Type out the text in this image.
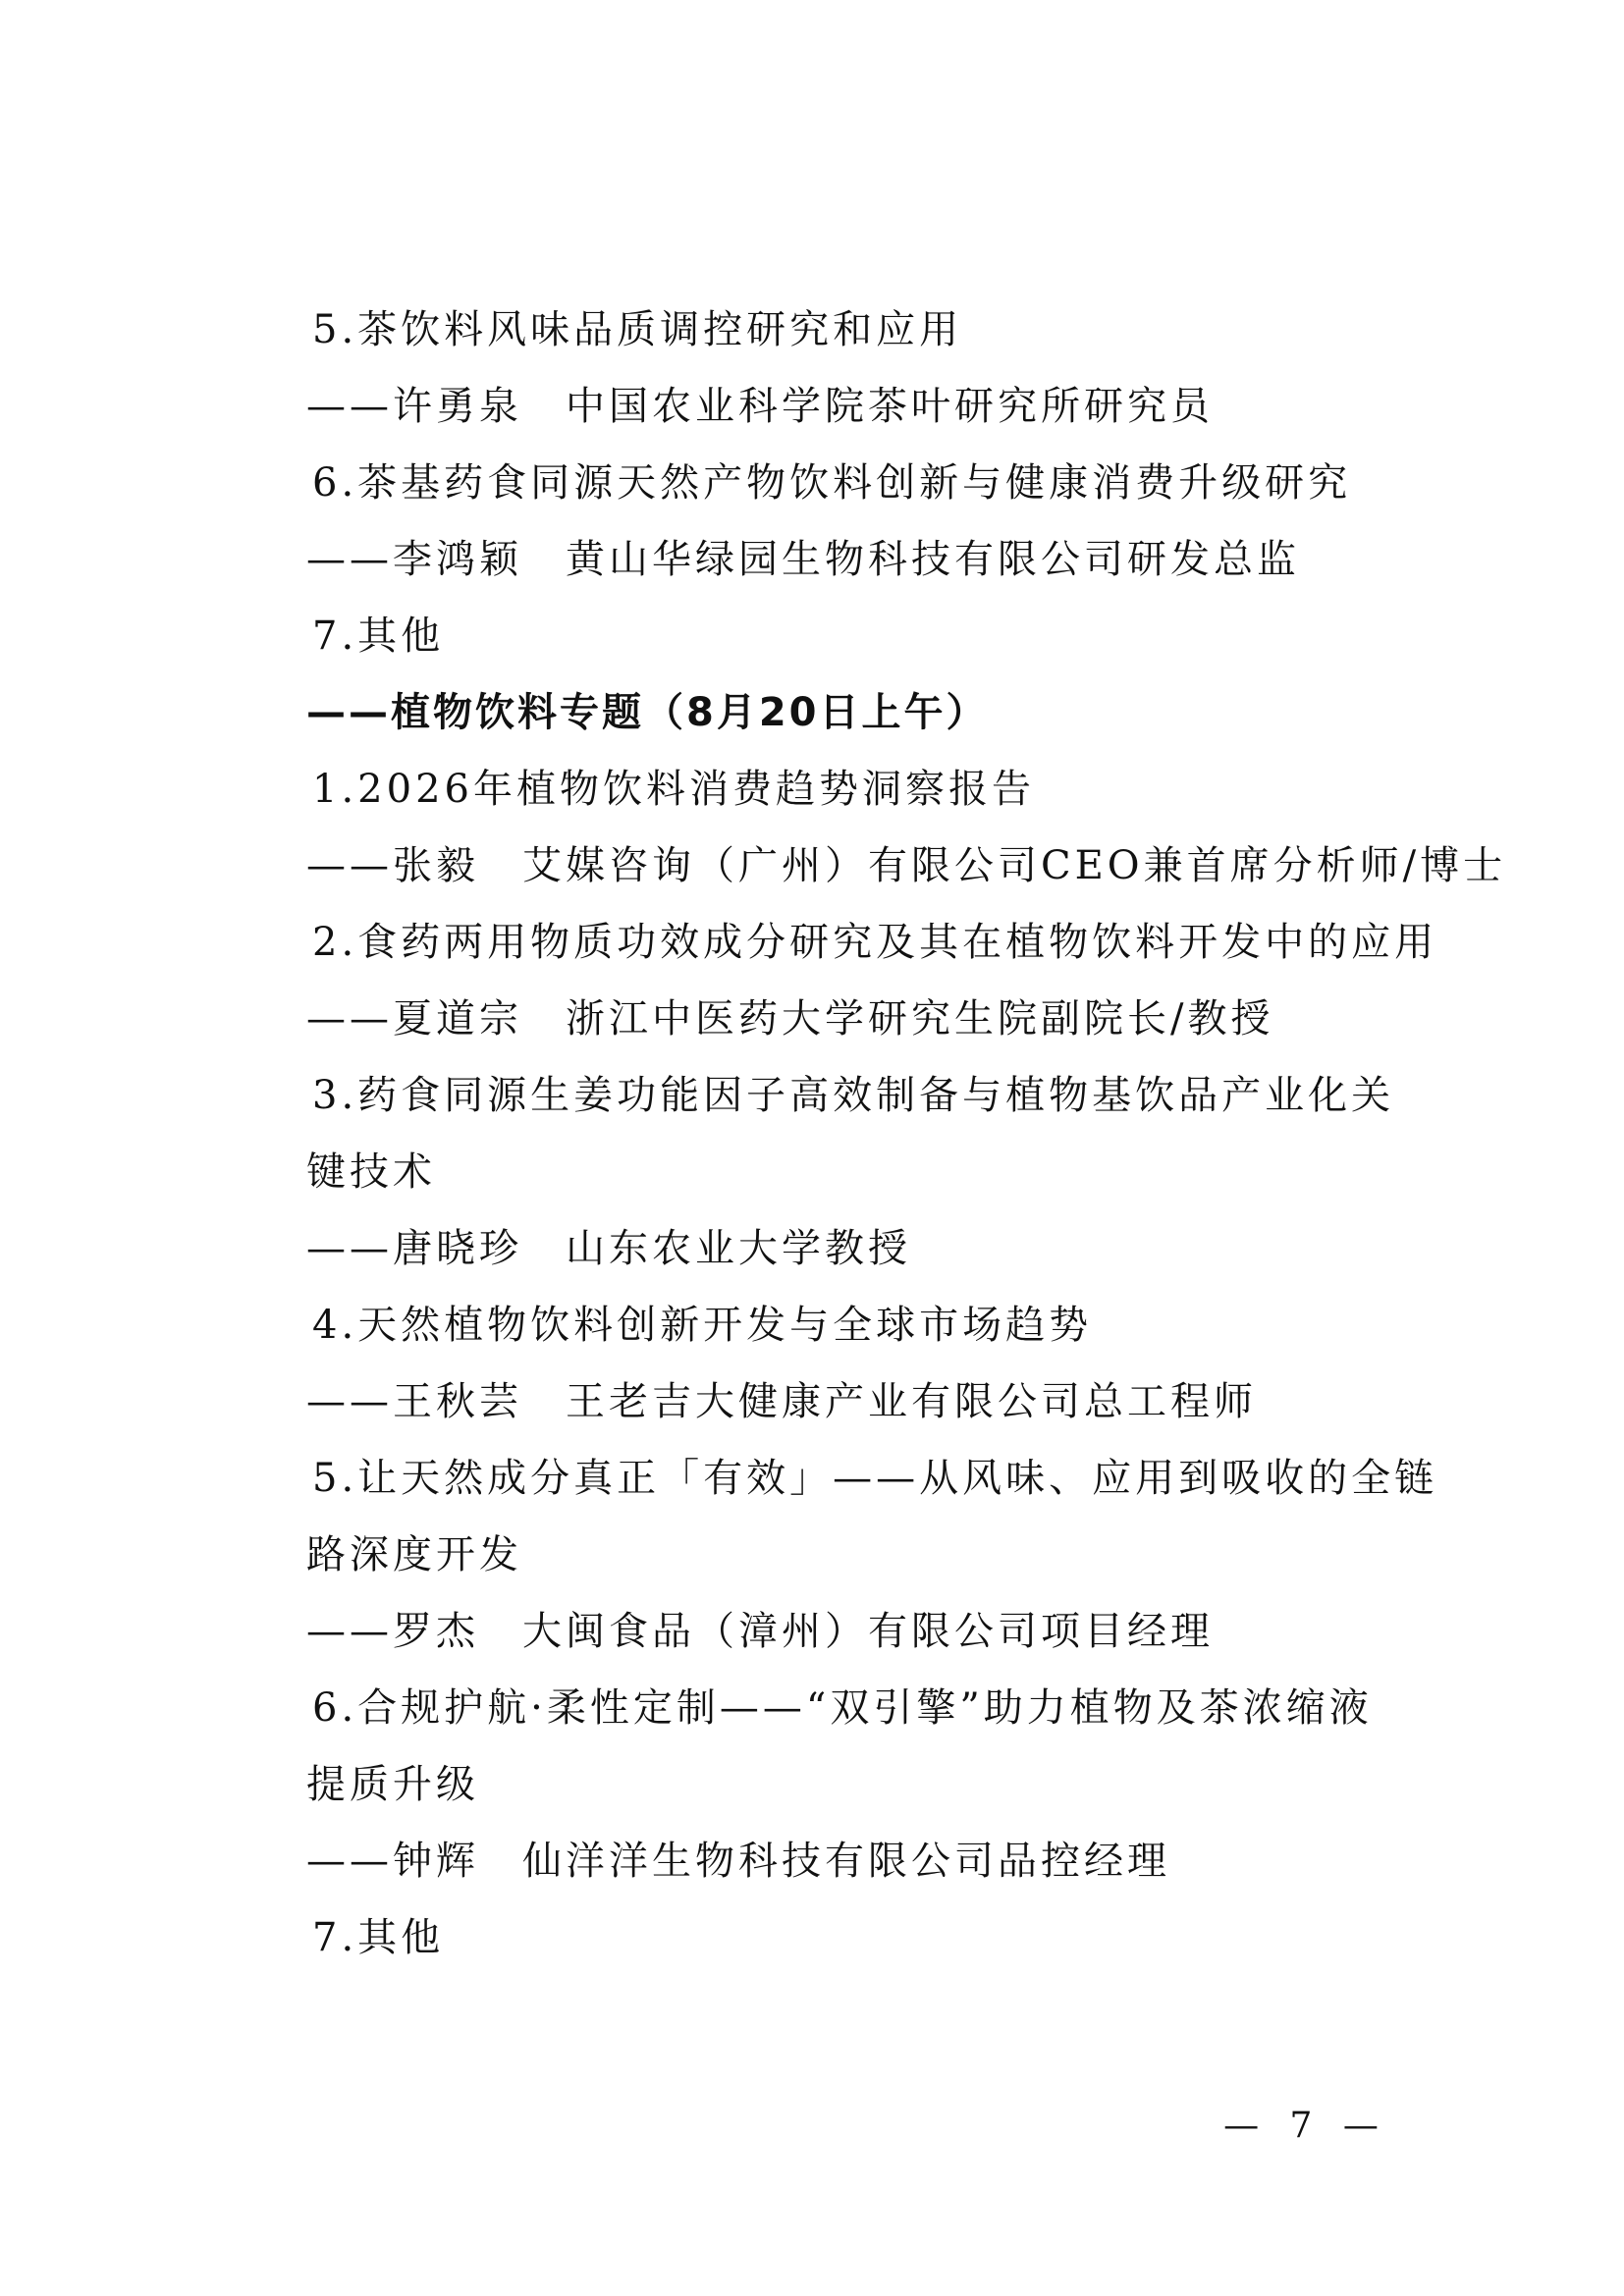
5.茶饮料风味品质调控研究和应用
——许勇泉　中国农业科学院茶叶研究所研究员
6.茶基药食同源天然产物饮料创新与健康消费升级研究
——李鸿颖　黄山华绿园生物科技有限公司研发总监
7.其他
——植物饮料专题（8月20日上午）
1.2026年植物饮料消费趋势洞察报告
——张毅　艾媒咨询（广州）有限公司CEO兼首席分析师/博士
2.食药两用物质功效成分研究及其在植物饮料开发中的应用
——夏道宗　浙江中医药大学研究生院副院长/教授
3.药食同源生姜功能因子高效制备与植物基饮品产业化关
键技术
——唐晓珍　山东农业大学教授
4.天然植物饮料创新开发与全球市场趋势
——王秋芸　王老吉大健康产业有限公司总工程师
5.让天然成分真正「有效」——从风味、应用到吸收的全链
路深度开发
——罗杰　大闽食品（漳州）有限公司项目经理
6.合规护航·柔性定制——“双引擎”助力植物及茶浓缩液
提质升级
——钟辉　仙洋洋生物科技有限公司品控经理
7.其他
— 7 —
